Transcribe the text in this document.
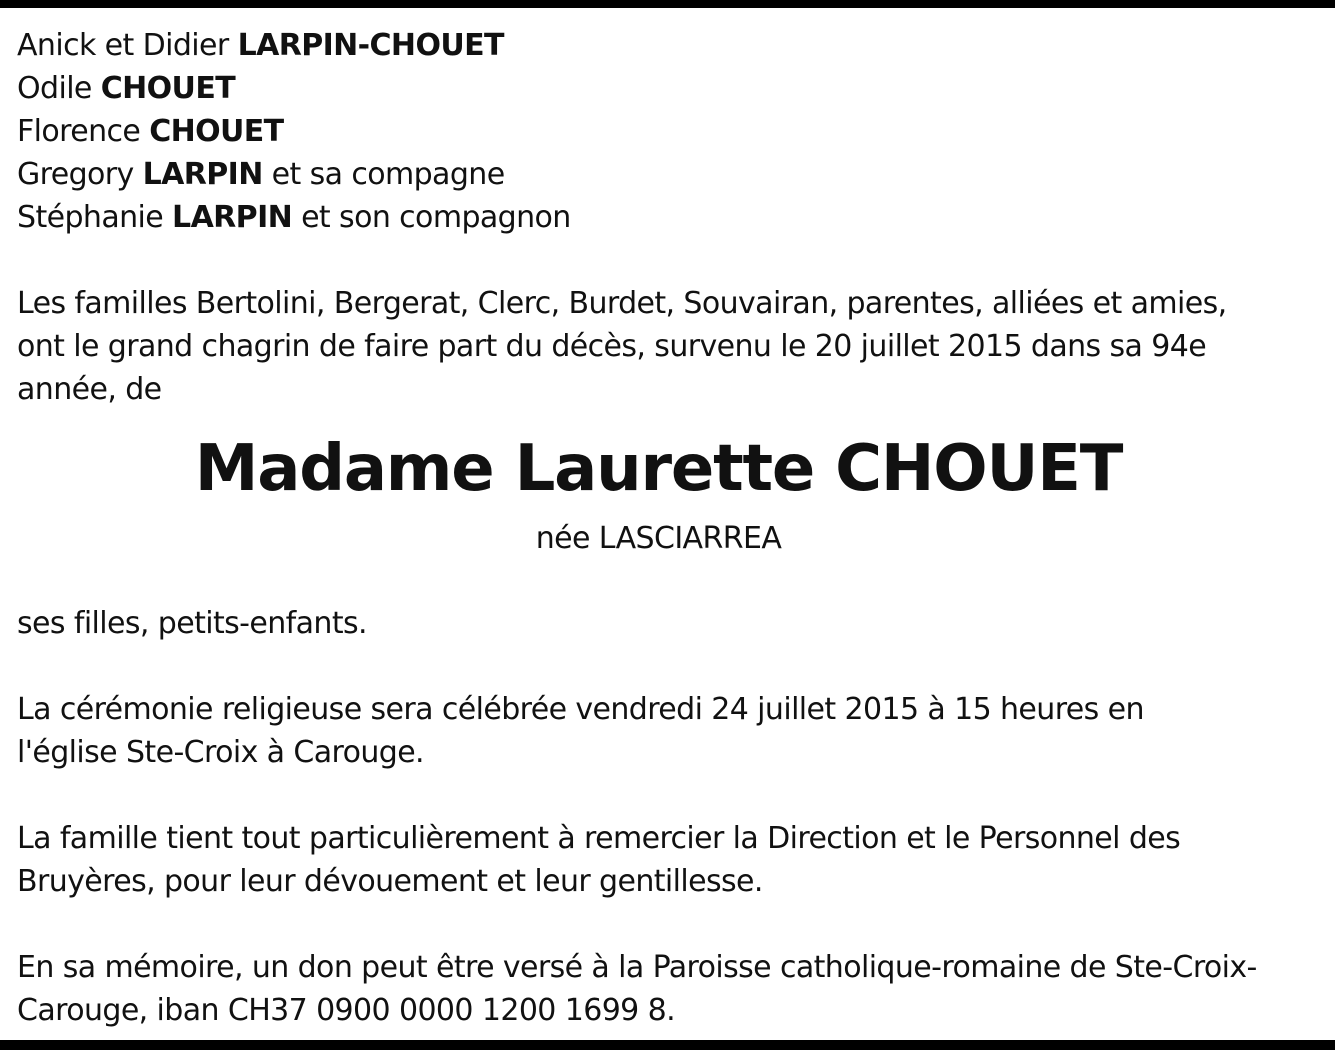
Anick et Didier LARPIN-CHOUET
Odile CHOUET
Florence CHOUET
Gregory LARPIN et sa compagne
Stéphanie LARPIN et son compagnon

Les familles Bertolini, Bergerat, Clerc, Burdet, Souvairan, parentes, alliées et amies,
ont le grand chagrin de faire part du décès, survenu le 20 juillet 2015 dans sa 94e
année, de

Madame Laurette CHOUET
née LASCIARREA

ses filles, petits-enfants.

La cérémonie religieuse sera célébrée vendredi 24 juillet 2015 à 15 heures en
l'église Ste-Croix à Carouge.

La famille tient tout particulièrement à remercier la Direction et le Personnel des
Bruyères, pour leur dévouement et leur gentillesse.

En sa mémoire, un don peut être versé à la Paroisse catholique-romaine de Ste-Croix-
Carouge, iban CH37 0900 0000 1200 1699 8.
